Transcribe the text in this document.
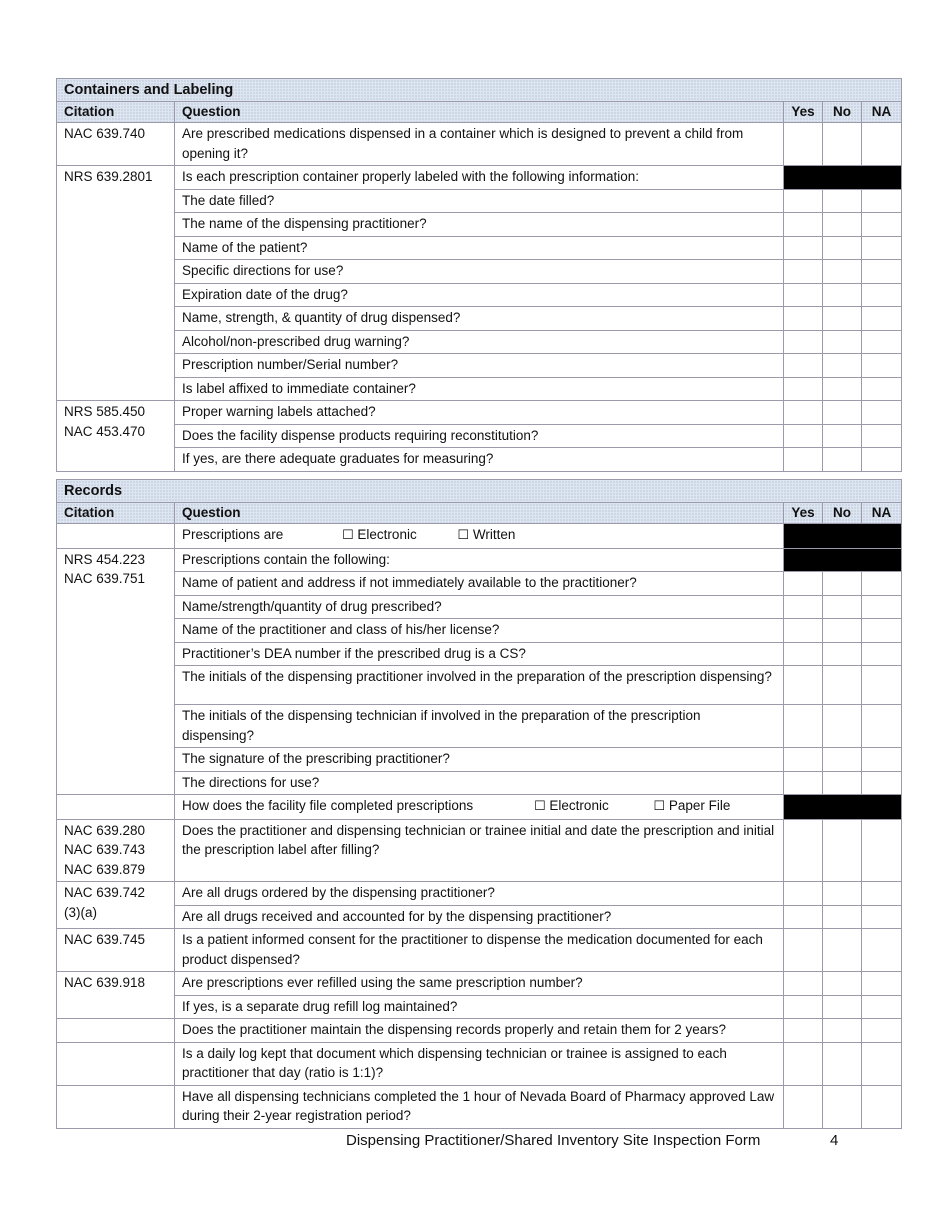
Containers and Labeling				
Citation	Question	Yes	No	NA
NAC 639.740	Are prescribed medications dispensed in a container which is designed to prevent a child from opening it?			
NRS 639.2801	Is each prescription container properly labeled with the following information:			
	The date filled?			
	The name of the dispensing practitioner?			
	Name of the patient?			
	Specific directions for use?			
	Expiration date of the drug?			
	Name, strength, & quantity of drug dispensed?			
	Alcohol/non-prescribed drug warning?			
	Prescription number/Serial number?			
	Is label affixed to immediate container?			
NRS 585.450
NAC 453.470	Proper warning labels attached?			
	Does the facility dispense products requiring reconstitution?			
	If yes, are there adequate graduates for measuring?			
Records				
Citation	Question	Yes	No	NA
	Prescriptions are ☐ Electronic ☐ Written			
NRS 454.223
NAC 639.751	Prescriptions contain the following:			
	Name of patient and address if not immediately available to the practitioner?			
	Name/strength/quantity of drug prescribed?			
	Name of the practitioner and class of his/her license?			
	Practitioner’s DEA number if the prescribed drug is a CS?			
	The initials of the dispensing practitioner involved in the preparation of the prescription dispensing?			
	The initials of the dispensing technician if involved in the preparation of the prescription dispensing?			
	The signature of the prescribing practitioner?			
	The directions for use?			
	How does the facility file completed prescriptions ☐ Electronic ☐ Paper File			
NAC 639.280
NAC 639.743
NAC 639.879	Does the practitioner and dispensing technician or trainee initial and date the prescription and initial the prescription label after filling?			
NAC 639.742
(3)(a)	Are all drugs ordered by the dispensing practitioner?			
	Are all drugs received and accounted for by the dispensing practitioner?			
NAC 639.745	Is a patient informed consent for the practitioner to dispense the medication documented for each product dispensed?			
NAC 639.918	Are prescriptions ever refilled using the same prescription number?			
	If yes, is a separate drug refill log maintained?			
	Does the practitioner maintain the dispensing records properly and retain them for 2 years?			
	Is a daily log kept that document which dispensing technician or trainee is assigned to each practitioner that day (ratio is 1:1)?			
	Have all dispensing technicians completed the 1 hour of Nevada Board of Pharmacy approved Law during their 2-year registration period?			
Dispensing Practitioner/Shared Inventory Site Inspection Form	4
